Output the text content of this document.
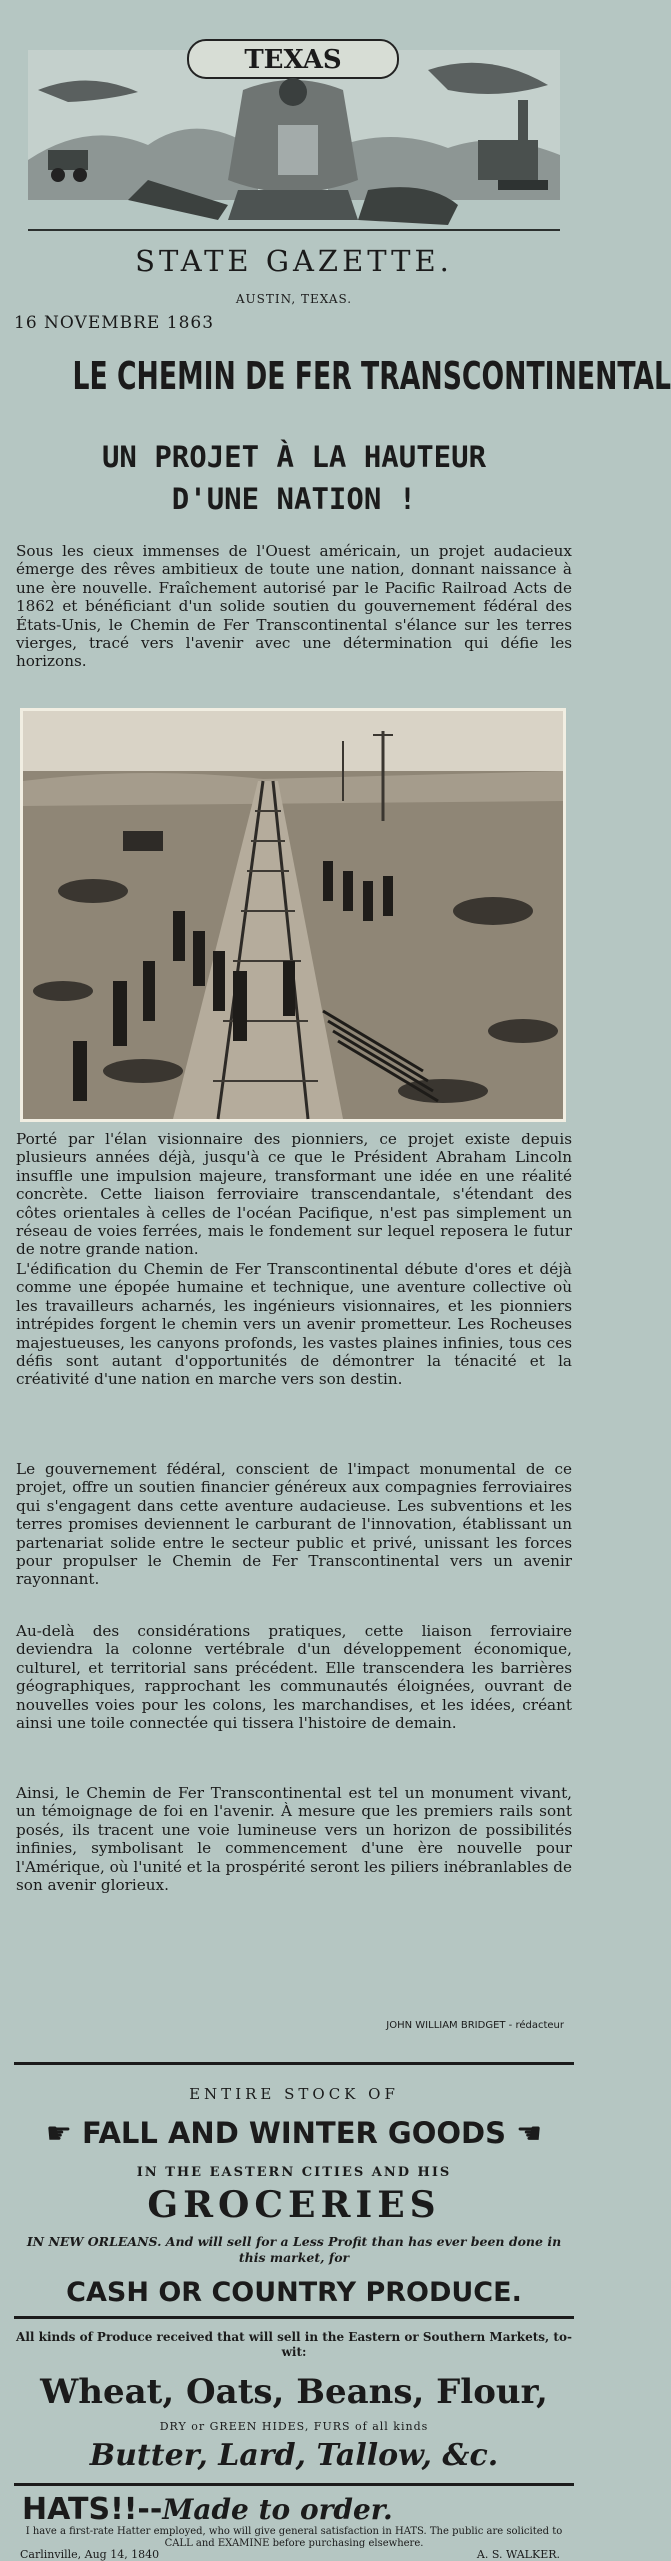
TEXAS
STATE GAZETTE.
AUSTIN, TEXAS.
16 NOVEMBRE 1863
LE CHEMIN DE FER TRANSCONTINENTAL
UN PROJET À LA HAUTEUR
D'UNE NATION !

Sous les cieux immenses de l'Ouest américain, un projet audacieux émerge des rêves ambitieux de toute une nation, donnant naissance à une ère nouvelle. Fraîchement autorisé par le Pacific Railroad Acts de 1862 et bénéficiant d'un solide soutien du gouvernement fédéral des États-Unis, le Chemin de Fer Transcontinental s'élance sur les terres vierges, tracé vers l'avenir avec une détermination qui défie les horizons.

Porté par l'élan visionnaire des pionniers, ce projet existe depuis plusieurs années déjà, jusqu'à ce que le Président Abraham Lincoln insuffle une impulsion majeure, transformant une idée en une réalité concrète. Cette liaison ferroviaire transcendantale, s'étendant des côtes orientales à celles de l'océan Pacifique, n'est pas simplement un réseau de voies ferrées, mais le fondement sur lequel reposera le futur de notre grande nation.

L'édification du Chemin de Fer Transcontinental débute d'ores et déjà comme une épopée humaine et technique, une aventure collective où les travailleurs acharnés, les ingénieurs visionnaires, et les pionniers intrépides forgent le chemin vers un avenir prometteur. Les Rocheuses majestueuses, les canyons profonds, les vastes plaines infinies, tous ces défis sont autant d'opportunités de démontrer la ténacité et la créativité d'une nation en marche vers son destin.

Le gouvernement fédéral, conscient de l'impact monumental de ce projet, offre un soutien financier généreux aux compagnies ferroviaires qui s'engagent dans cette aventure audacieuse. Les subventions et les terres promises deviennent le carburant de l'innovation, établissant un partenariat solide entre le secteur public et privé, unissant les forces pour propulser le Chemin de Fer Transcontinental vers un avenir rayonnant.

Au-delà des considérations pratiques, cette liaison ferroviaire deviendra la colonne vertébrale d'un développement économique, culturel, et territorial sans précédent. Elle transcendera les barrières géographiques, rapprochant les communautés éloignées, ouvrant de nouvelles voies pour les colons, les marchandises, et les idées, créant ainsi une toile connectée qui tissera l'histoire de demain.

Ainsi, le Chemin de Fer Transcontinental est tel un monument vivant, un témoignage de foi en l'avenir. À mesure que les premiers rails sont posés, ils tracent une voie lumineuse vers un horizon de possibilités infinies, symbolisant le commencement d'une ère nouvelle pour l'Amérique, où l'unité et la prospérité seront les piliers inébranlables de son avenir glorieux.

JOHN WILLIAM BRIDGET - rédacteur
ENTIRE STOCK OF
☛ FALL AND WINTER GOODS ☚
IN THE EASTERN CITIES AND HIS
GROCERIES
IN NEW ORLEANS. And will sell for a Less Profit than has ever been done in this market, for
CASH OR COUNTRY PRODUCE.
All kinds of Produce received that will sell in the Eastern or Southern Markets, to-wit:
Wheat, Oats, Beans, Flour,
DRY or GREEN HIDES, FURS of all kinds
Butter, Lard, Tallow, &c.
HATS!!--Made to order.
I have a first-rate Hatter employed, who will give general satisfaction in HATS. The public are solicited to CALL and EXAMINE before purchasing elsewhere.
Carlinville, Aug 14, 1840	A. S. WALKER.
